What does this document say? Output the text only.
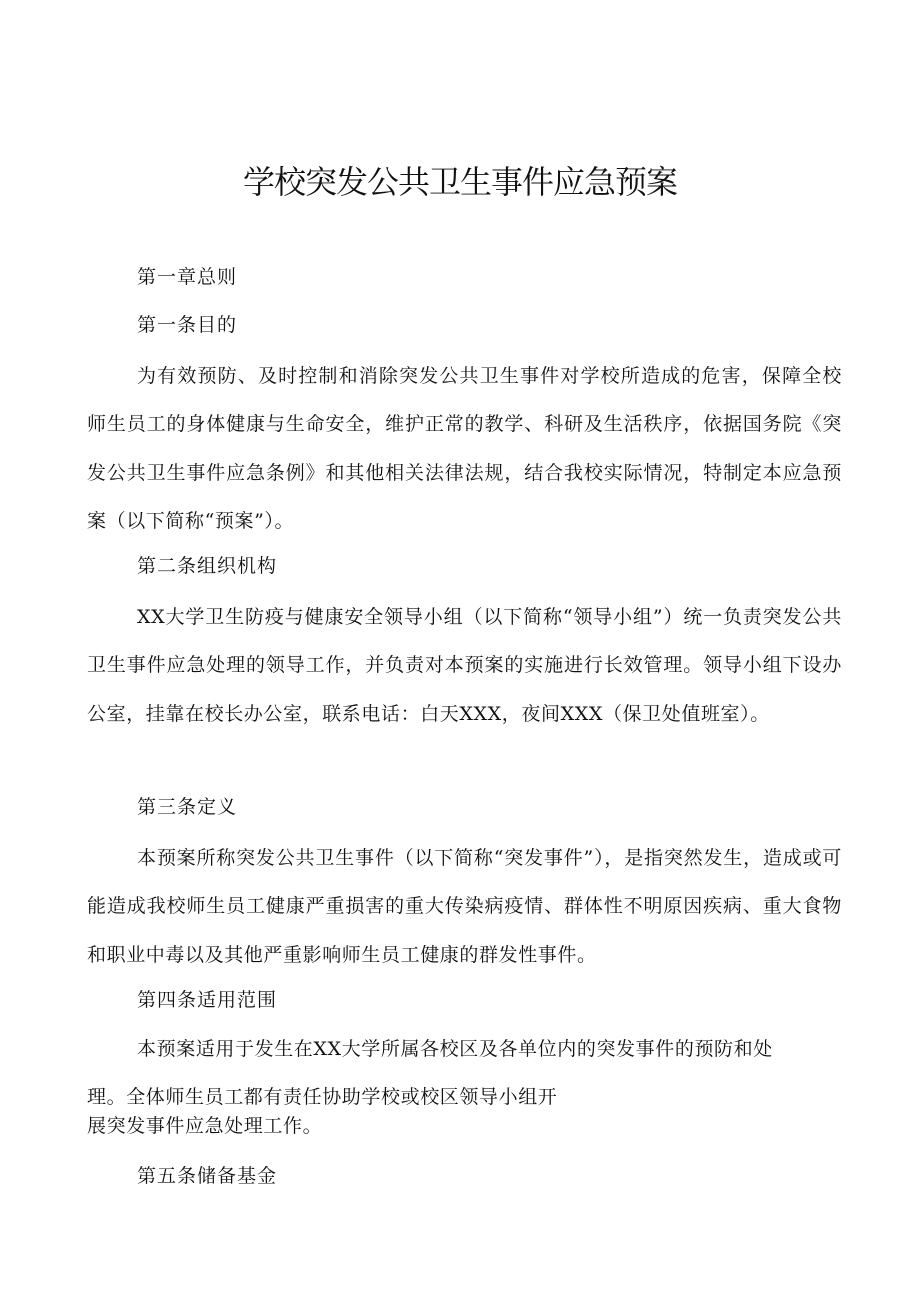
学校突发公共卫生事件应急预案

第一章总则

第一条目的

为有效预防、及时控制和消除突发公共卫生事件对学校所造成的危害，保障全校师生员工的身体健康与生命安全，维护正常的教学、科研及生活秩序，依据国务院《突发公共卫生事件应急条例》和其他相关法律法规，结合我校实际情况，特制定本应急预案（以下简称“预案”）。

第二条组织机构

XX大学卫生防疫与健康安全领导小组（以下简称“领导小组”）统一负责突发公共卫生事件应急处理的领导工作，并负责对本预案的实施进行长效管理。领导小组下设办公室，挂靠在校长办公室，联系电话：白天XXX，夜间XXX（保卫处值班室）。

第三条定义

本预案所称突发公共卫生事件（以下简称“突发事件”），是指突然发生，造成或可能造成我校师生员工健康严重损害的重大传染病疫情、群体性不明原因疾病、重大食物和职业中毒以及其他严重影响师生员工健康的群发性事件。

第四条适用范围

本预案适用于发生在XX大学所属各校区及各单位内的突发事件的预防和处

理。全体师生员工都有责任协助学校或校区领导小组开

展突发事件应急处理工作。

第五条储备基金
